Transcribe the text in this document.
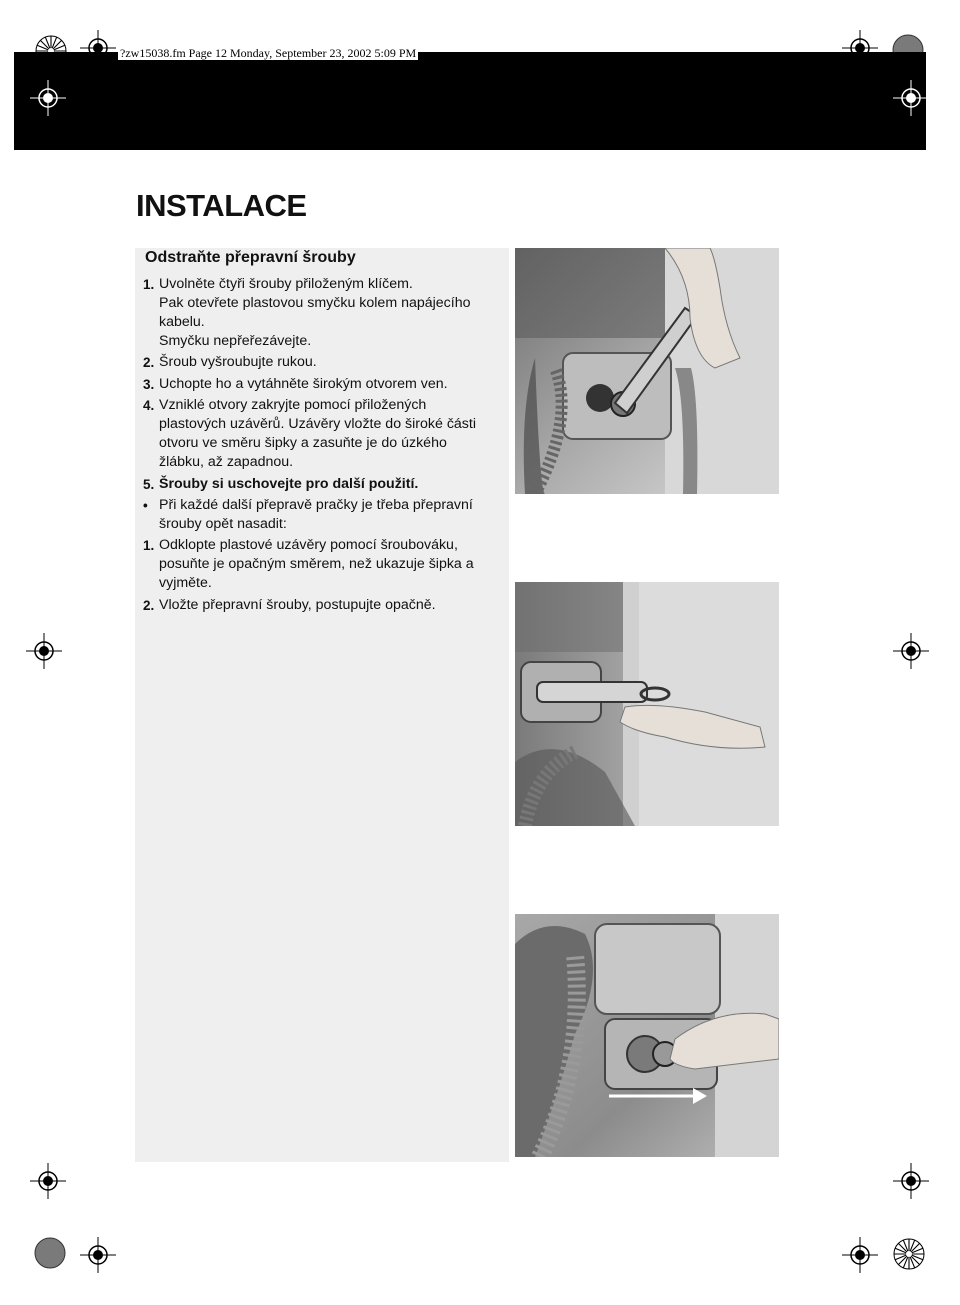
?zw15038.fm Page 12 Monday, September 23, 2002 5:09 PM
INSTALACE
Odstraňte přepravní šrouby
1. Uvolněte čtyři šrouby přiloženým klíčem.
Pak otevřete plastovou smyčku kolem napájecího
kabelu.
Smyčku nepřeřezávejte.
2. Šroub vyšroubujte rukou.
3. Uchopte ho a vytáhněte širokým otvorem ven.
4. Vzniklé otvory zakryjte pomocí přiložených
plastových uzávěrů. Uzávěry vložte do široké části
otvoru ve směru šipky a zasuňte je do úzkého
žlábku, až zapadnou.
5. Šrouby si uschovejte pro další použití.
• Při každé další přepravě pračky je třeba přepravní
šrouby opět nasadit:
1. Odklopte plastové uzávěry pomocí šroubováku,
posuňte je opačným směrem, než ukazuje šipka a
vyjměte.
2. Vložte přepravní šrouby, postupujte opačně.
